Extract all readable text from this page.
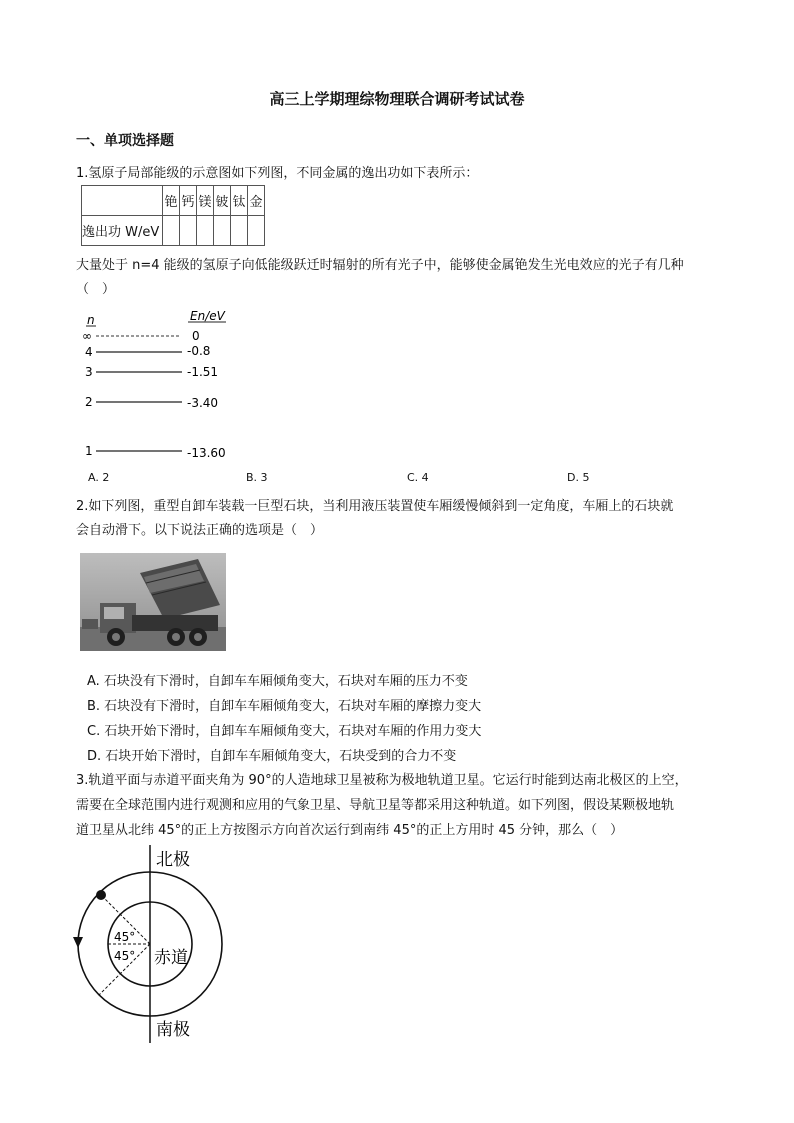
高三上学期理综物理联合调研考试试卷
一、单项选择题
1.氢原子局部能级的示意图如下列图，不同金属的逸出功如下表所示：
	铯	钙	镁	铍	钛	金
逸出功 W/eV						
大量处于 n=4 能级的氢原子向低能级跃迁时辐射的所有光子中，能够使金属铯发生光电效应的光子有几种
（　）
n	En/eV
∞	0
4	-0.8
3	-1.51
2	-3.40
1	-13.60
A. 2	B. 3	C. 4	D. 5
2.如下列图，重型自卸车装载一巨型石块，当利用液压装置使车厢缓慢倾斜到一定角度，车厢上的石块就
会自动滑下。以下说法正确的选项是（　）
A. 石块没有下滑时，自卸车车厢倾角变大，石块对车厢的压力不变
B. 石块没有下滑时，自卸车车厢倾角变大，石块对车厢的摩擦力变大
C. 石块开始下滑时，自卸车车厢倾角变大，石块对车厢的作用力变大
D. 石块开始下滑时，自卸车车厢倾角变大，石块受到的合力不变
3.轨道平面与赤道平面夹角为 90°的人造地球卫星被称为极地轨道卫星。它运行时能到达南北极区的上空，
需要在全球范围内进行观测和应用的气象卫星、导航卫星等都采用这种轨道。如下列图，假设某颗极地轨
道卫星从北纬 45°的正上方按图示方向首次运行到南纬 45°的正上方用时 45 分钟，那么（　）
北极
南极
赤道
45°
45°
